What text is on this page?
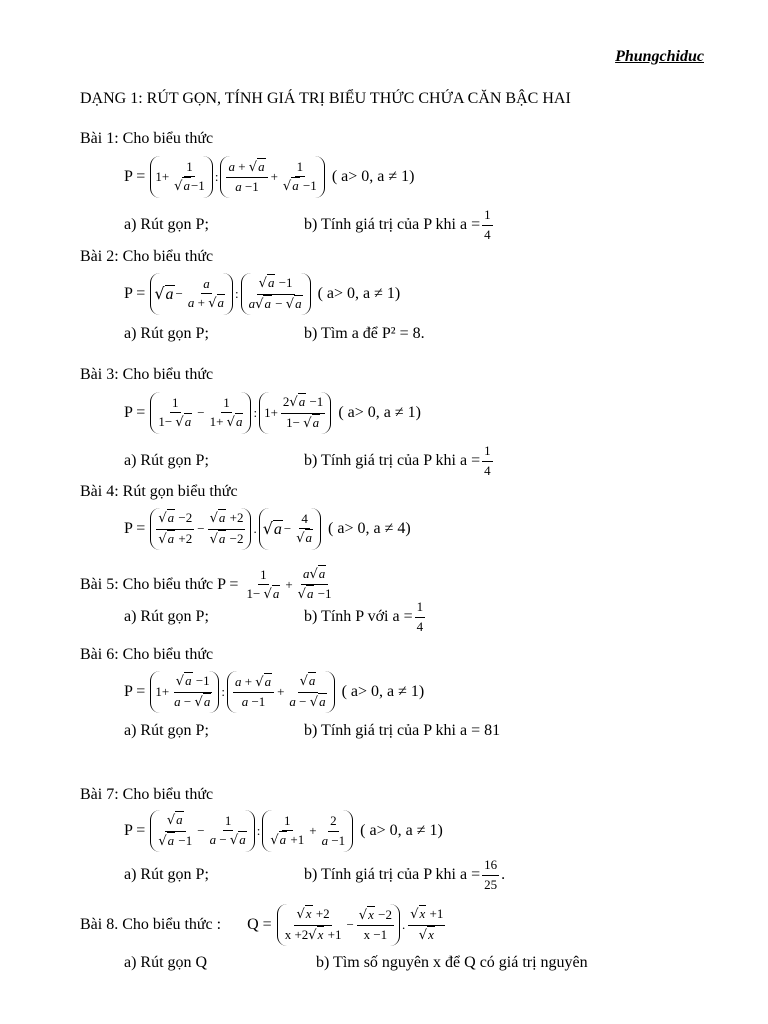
Phungchiduc
DẠNG 1: RÚT GỌN, TÍNH GIÁ TRỊ BIỂU THỨC CHỨA CĂN BẬC HAI
Bài 1: Cho biểu thức
$P = 1+ \frac{1}{√a-1}$ : $\frac{a + √a}{a -1} + \frac{1}{√a -1}$ ( a> 0, a ≠ 1)
a) Rút gọn P;	b) Tính giá trị của P khi $a = \frac{1}{4}$
Bài 2: Cho biểu thức
$P = √a - \frac{a}{a + √a}$ : $\frac{√a -1}{a√a - √a}$ ( a> 0, a ≠ 1)
a) Rút gọn P;	b) Tìm a để P² = 8.
Bài 3: Cho biểu thức
$P = \frac{1}{1- √a} - \frac{1}{1+ √a}$ : $1+ \frac{2√a -1}{1- √a}$ ( a> 0, a ≠ 1)
a) Rút gọn P;	b) Tính giá trị của P khi $a = \frac{1}{4}$
Bài 4: Rút gọn biểu thức
$P = \frac{√a -2}{√a +2} - \frac{√a +2}{√a -2}$ . $√a - \frac{4}{√a}$ ( a> 0, a ≠ 4)
Bài 5: Cho biểu thức $P = \frac{1}{1- √a} + \frac{a√a}{√a -1}$
a) Rút gọn P;	b) Tính P với $a = \frac{1}{4}$
Bài 6: Cho biểu thức
$P = 1+ \frac{√a -1}{a - √a}$ : $\frac{a + √a}{a -1} + \frac{√a}{a - √a}$ ( a> 0, a ≠ 1)
a) Rút gọn P;	b) Tính giá trị của P khi a = 81
Bài 7: Cho biểu thức
$P = \frac{√a}{√a -1} - \frac{1}{a - √a}$ : $\frac{1}{√a +1} + \frac{2}{a -1}$ ( a> 0, a ≠ 1)
a) Rút gọn P;	b) Tính giá trị của P khi $a = \frac{16}{25}$ .
Bài 8. Cho biểu thức : $Q = \frac{√x +2}{x +2√x +1} - \frac{√x -2}{x -1}$ . $\frac{√x +1}{√x}$
a) Rút gọn Q	b) Tìm số nguyên x để Q có giá trị nguyên
